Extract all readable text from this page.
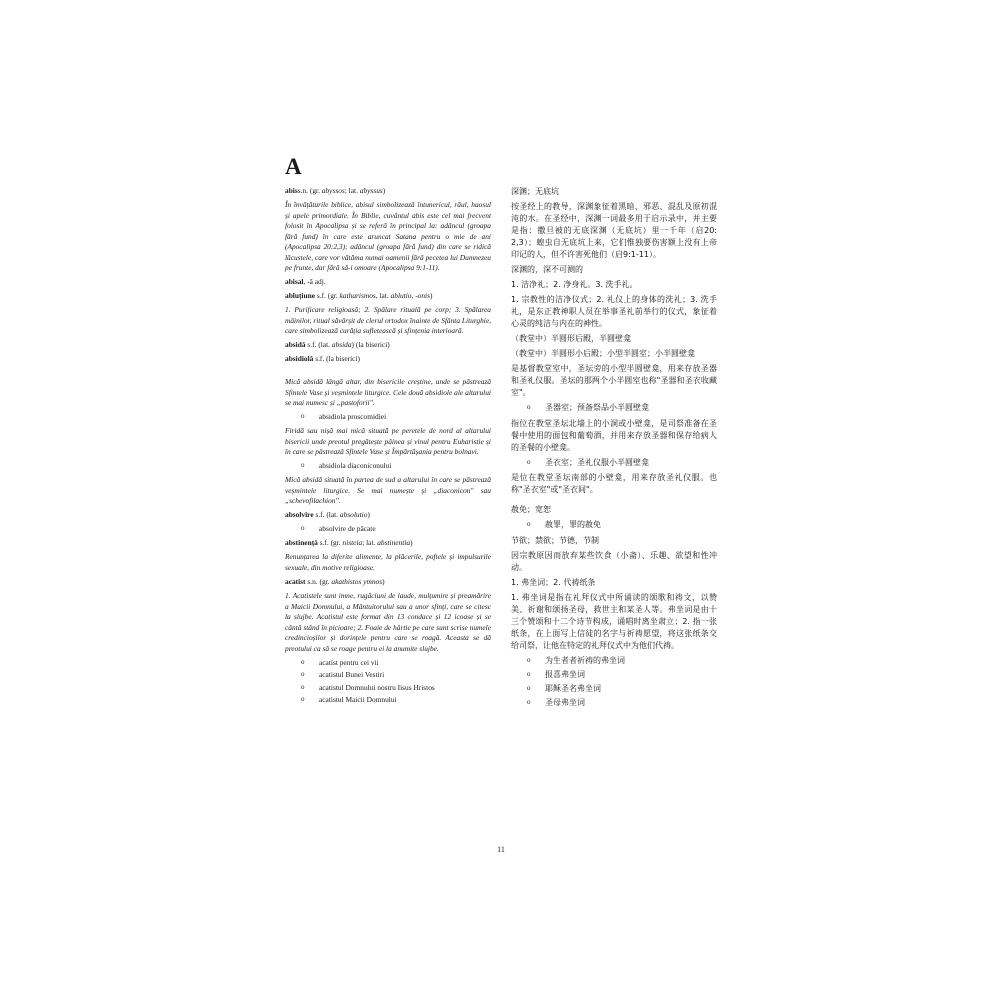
A
abiss.n. (gr. abyssos; lat. abyssus)
În învățăturile biblice, abisul simbolizează întunericul, răul, haosul și apele primordiale. În Biblie, cuvântul abis este cel mai frecvent folosit în Apocalipsa și se referă în principal la: adâncul (groapa fără fund) în care este aruncat Satana pentru o mie de ani (Apocalipsa 20:2,3); adâncul (groapa fără fund) din care se ridică lăcustele, care vor vătăma numai oamenii fără pecetea lui Dumnezeu pe frunte, dar fără să-i omoare (Apocalipsa 9:1-11).
abisal, -ă adj.
abluțiune s.f. (gr. katharismos, lat. ablutio, -onis)
1. Purificare religioasă; 2. Spălare rituală pe corp; 3. Spălarea mâinilor, ritual săvârșit de clerul ortodox înainte de Sfânta Liturghie, care simbolizează curăția sufletească și sfințenia interioară.
absidă s.f. (lat. absida) (la biserici)
absidiolă s.f. (la biserici)
Mică absidă lângă altar, din bisericile creștine, unde se păstrează Sfintele Vase și veșmintele liturgice. Cele două absidiole ale altarului se mai numesc și „pastoforii".
o absidiola proscomidiei
Firidă sau nișă mai mică situată pe peretele de nord al altarului bisericii unde preotul pregătește pâinea și vinul pentru Euharistie și în care se păstrează Sfintele Vase și Împărtășania pentru bolnavi.
o absidiola diaconiconului
Mică absidă situată în partea de sud a altarului în care se păstrează veșmintele liturgice. Se mai numește și „diaconicon" sau „schevofilachion".
absolvire s.f. (lat. absolutio)
o absolvire de păcate
abstinență s.f. (gr. nisteia; lat. abstinentia)
Renunțarea la diferite alimente, la plăcerile, poftele și impulsurile sexuale, din motive religioase.
acatist s.n. (gr. akathistos ymnos)
1. Acatistele sunt imne, rugăciuni de laude, mulțumire și preamărire a Maicii Domnului, a Mântuitorului sau a unor sfinți, care se citesc la slujbe. Acatistul este format din 13 condace și 12 icoase și se cântă stând în picioare; 2. Foaie de hârtie pe care sunt scrise numele credincioșilor și dorințele pentru care se roagă. Aceasta se dă preotului ca să se roage pentru ei la anumite slujbe.
o acatist pentru cei vii
o acatistul Bunei Vestiri
o acatistul Domnului nostru Iisus Hristos
o acatistul Maicii Domnului
深渊；无底坑
按圣经上的教导，深渊象征着黑暗、邪恶、混乱及原初混沌的水。在圣经中，深渊一词最多用于启示录中，并主要是指：撒旦被的无底深渊（无底坑）里一千年（启20: 2,3）；蝗虫自无底坑上来，它们惟独要伤害额上没有上帝印记的人，但不许害死他们（启9:1-11）。
深渊的，深不可测的
1. 洁净礼；2. 净身礼。3. 洗手礼。
1. 宗教性的洁净仪式；2. 礼仪上的身体的洗礼；3. 洗手礼，是东正教神职人员在举事圣礼前举行的仪式，象征着心灵的纯洁与内在的神性。
（教堂中）半圆形后殿，半圆壁龛
（教堂中）半圆形小后殿；小型半圆室；小半圆壁龛
是基督教堂室中，圣坛旁的小型半圆壁龛，用来存放圣器和圣礼仪服。圣坛的那两个小半圆室也称"圣器和圣衣收藏室"。
o 圣器室；预备祭品小半圆壁龛
指位在教堂圣坛北墙上的小洞或小壁龛，是司祭准备在圣餐中使用的面包和葡萄酒，并用来存放圣器和保存给病人的圣餐的小壁龛。
o 圣衣室；圣礼仪服小半圆壁龛
是位在教堂圣坛南部的小壁龛，用来存放圣礼仪服。也称"圣衣室"或"圣衣间"。
赦免；宽恕
o 赦罪，罪的赦免
节欲；禁欲；节德，节制
因宗教原因而放弃某些饮食（小斋）、乐趣、欲望和性冲动。
1. 弗坐词；2. 代祷纸条
1. 弗坐词是指在礼拜仪式中所诵读的颂歌和祷文，以赞美、祈谢和颂扬圣母，救世主和某圣人等。弗坐词是由十三个赞颂和十二个诗节构成，诵唱时离坐肃立；2. 指一张纸条，在上面写上信徒的名字与祈祷愿望，将这张纸条交给司祭，让他在特定的礼拜仪式中为他们代祷。
o 为生者者祈祷的弗坐词
o 报喜弗坐词
o 耶稣圣名弗坐词
o 圣母弗坐词
11
